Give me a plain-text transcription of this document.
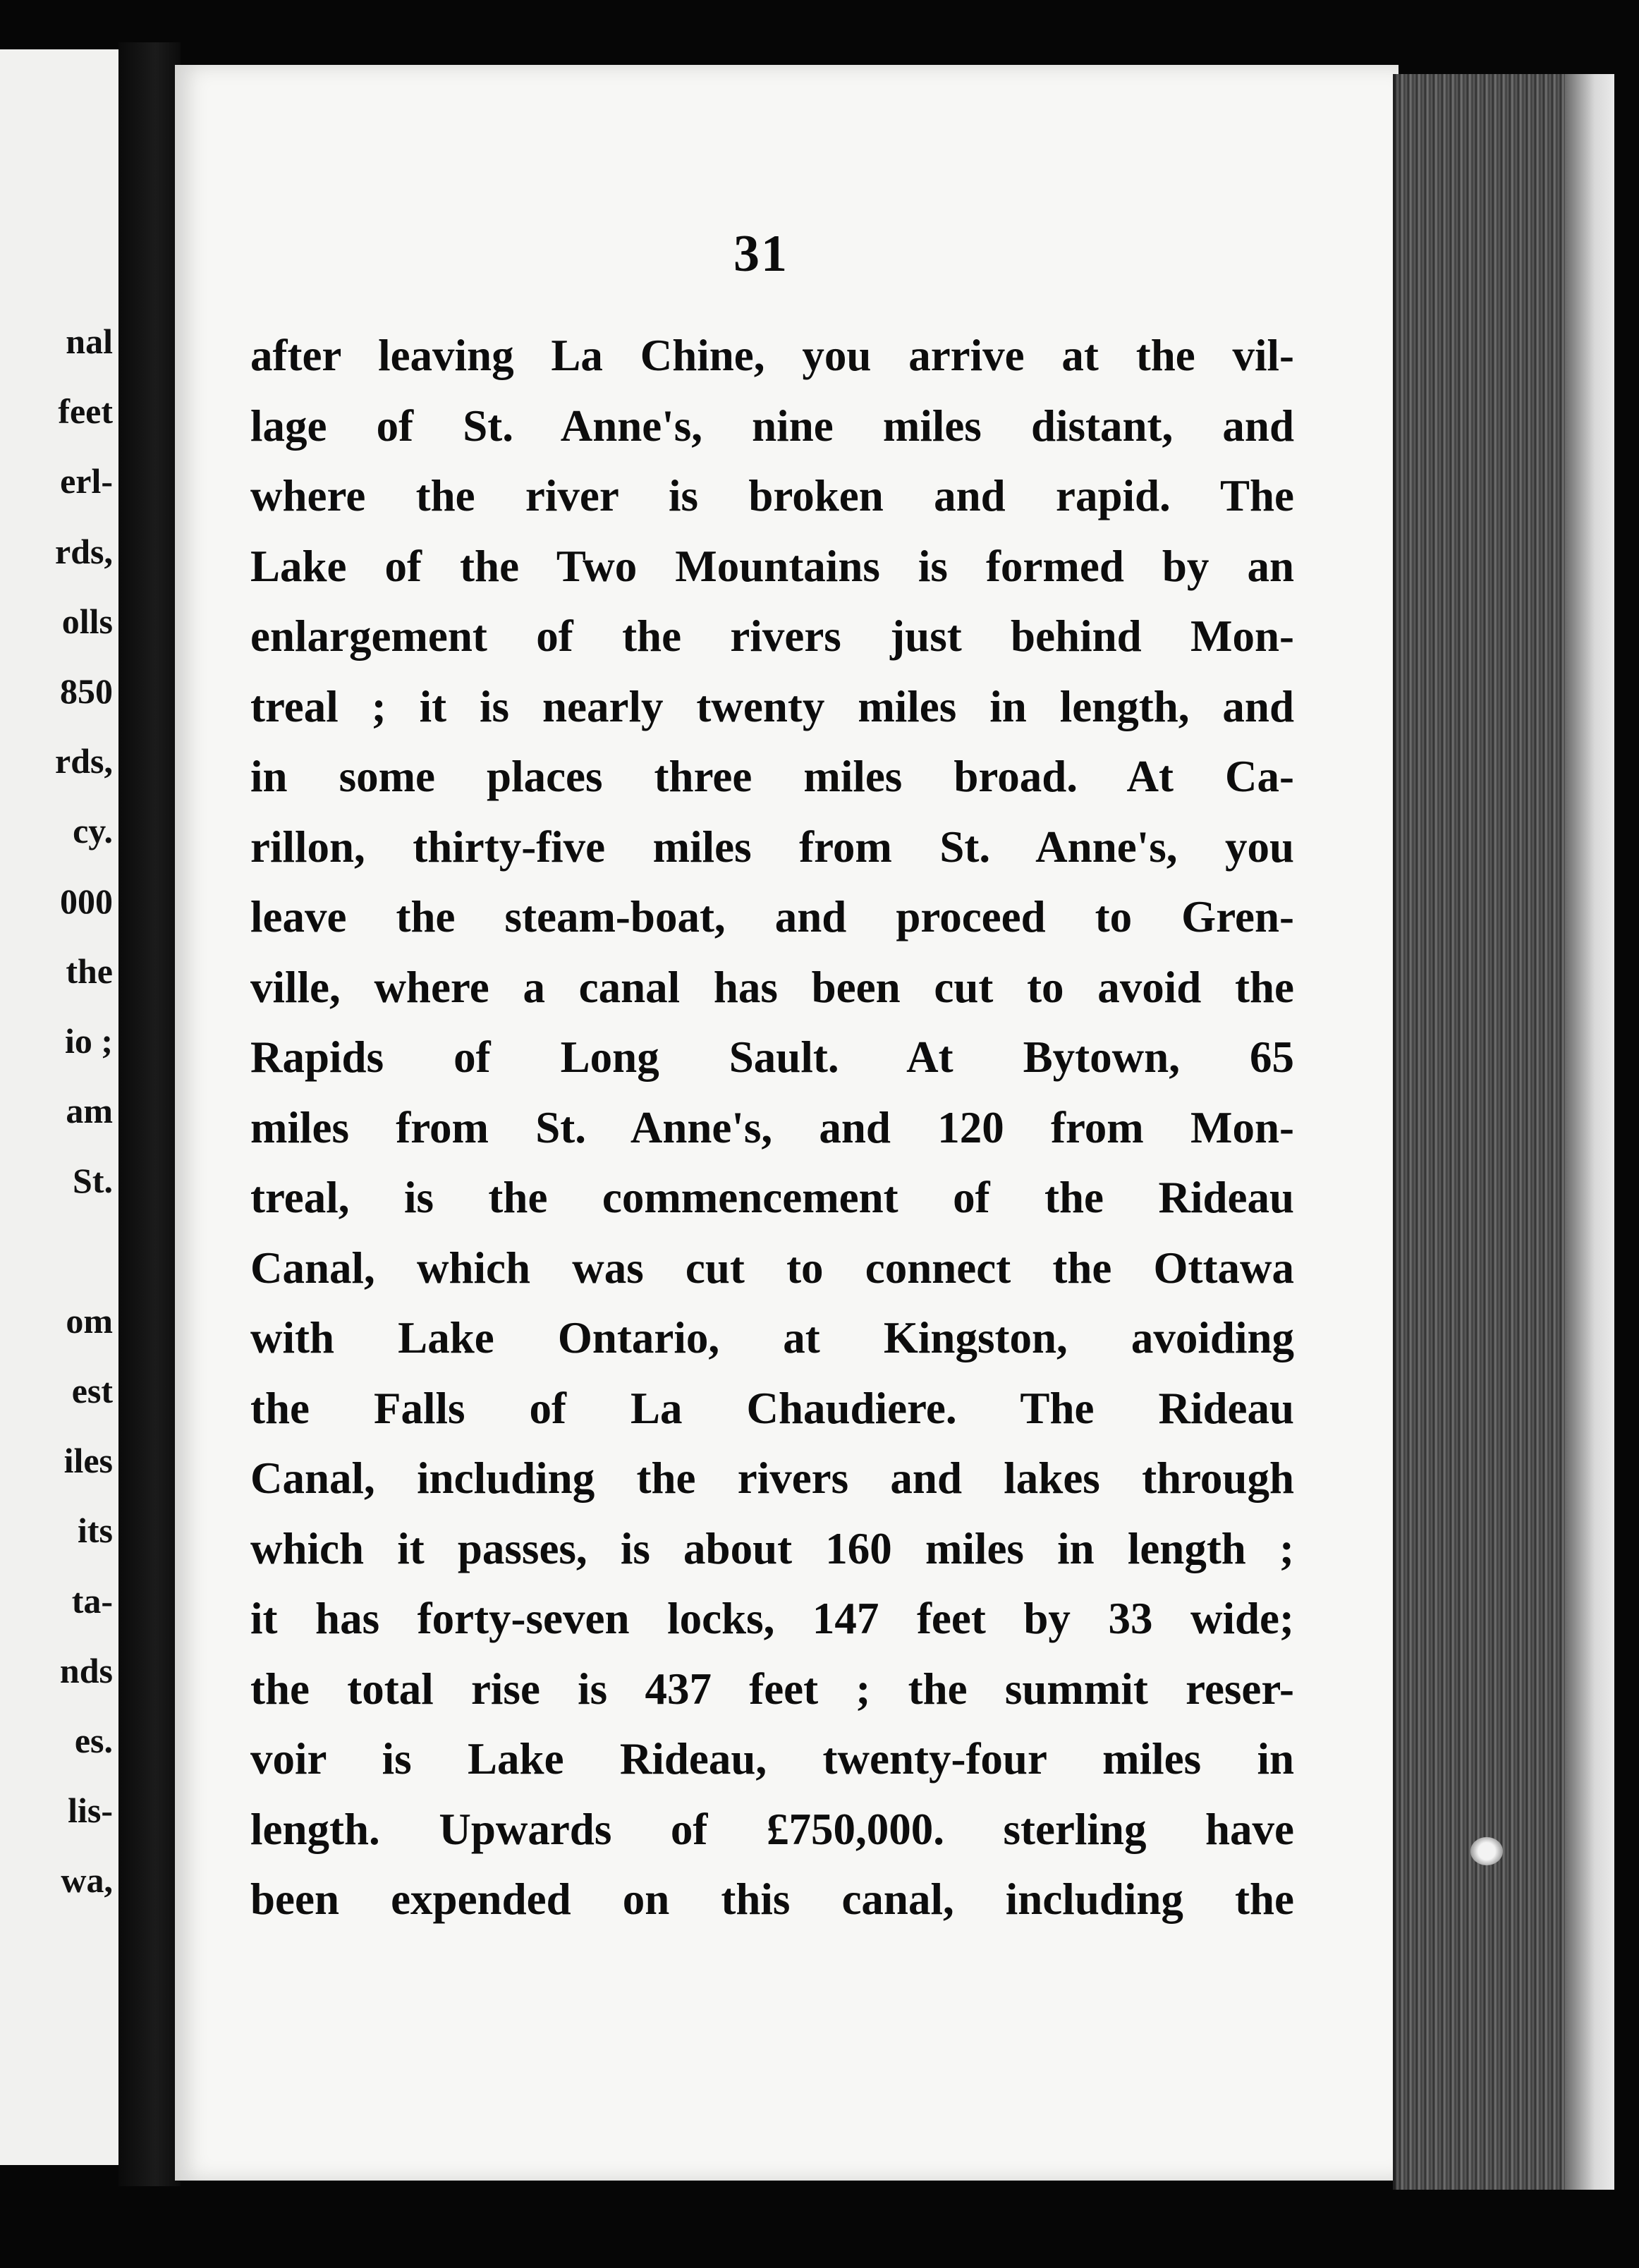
nal
feet
erl-
rds,
olls
850
rds,
cy.
000
the
io ;
am
St.
om
est
iles
its
ta-
nds
es.
lis-
wa,
31
after leaving La Chine, you arrive at the vil-
lage of St. Anne's, nine miles distant, and
where the river is broken and rapid. The
Lake of the Two Mountains is formed by an
enlargement of the rivers just behind Mon-
treal ; it is nearly twenty miles in length, and
in some places three miles broad. At Ca-
rillon, thirty-five miles from St. Anne's, you
leave the steam-boat, and proceed to Gren-
ville, where a canal has been cut to avoid the
Rapids of Long Sault. At Bytown, 65
miles from St. Anne's, and 120 from Mon-
treal, is the commencement of the Rideau
Canal, which was cut to connect the Ottawa
with Lake Ontario, at Kingston, avoiding
the Falls of La Chaudiere. The Rideau
Canal, including the rivers and lakes through
which it passes, is about 160 miles in length ;
it has forty-seven locks, 147 feet by 33 wide;
the total rise is 437 feet ; the summit reser-
voir is Lake Rideau, twenty-four miles in
length. Upwards of £750,000. sterling have
been expended on this canal, including the
